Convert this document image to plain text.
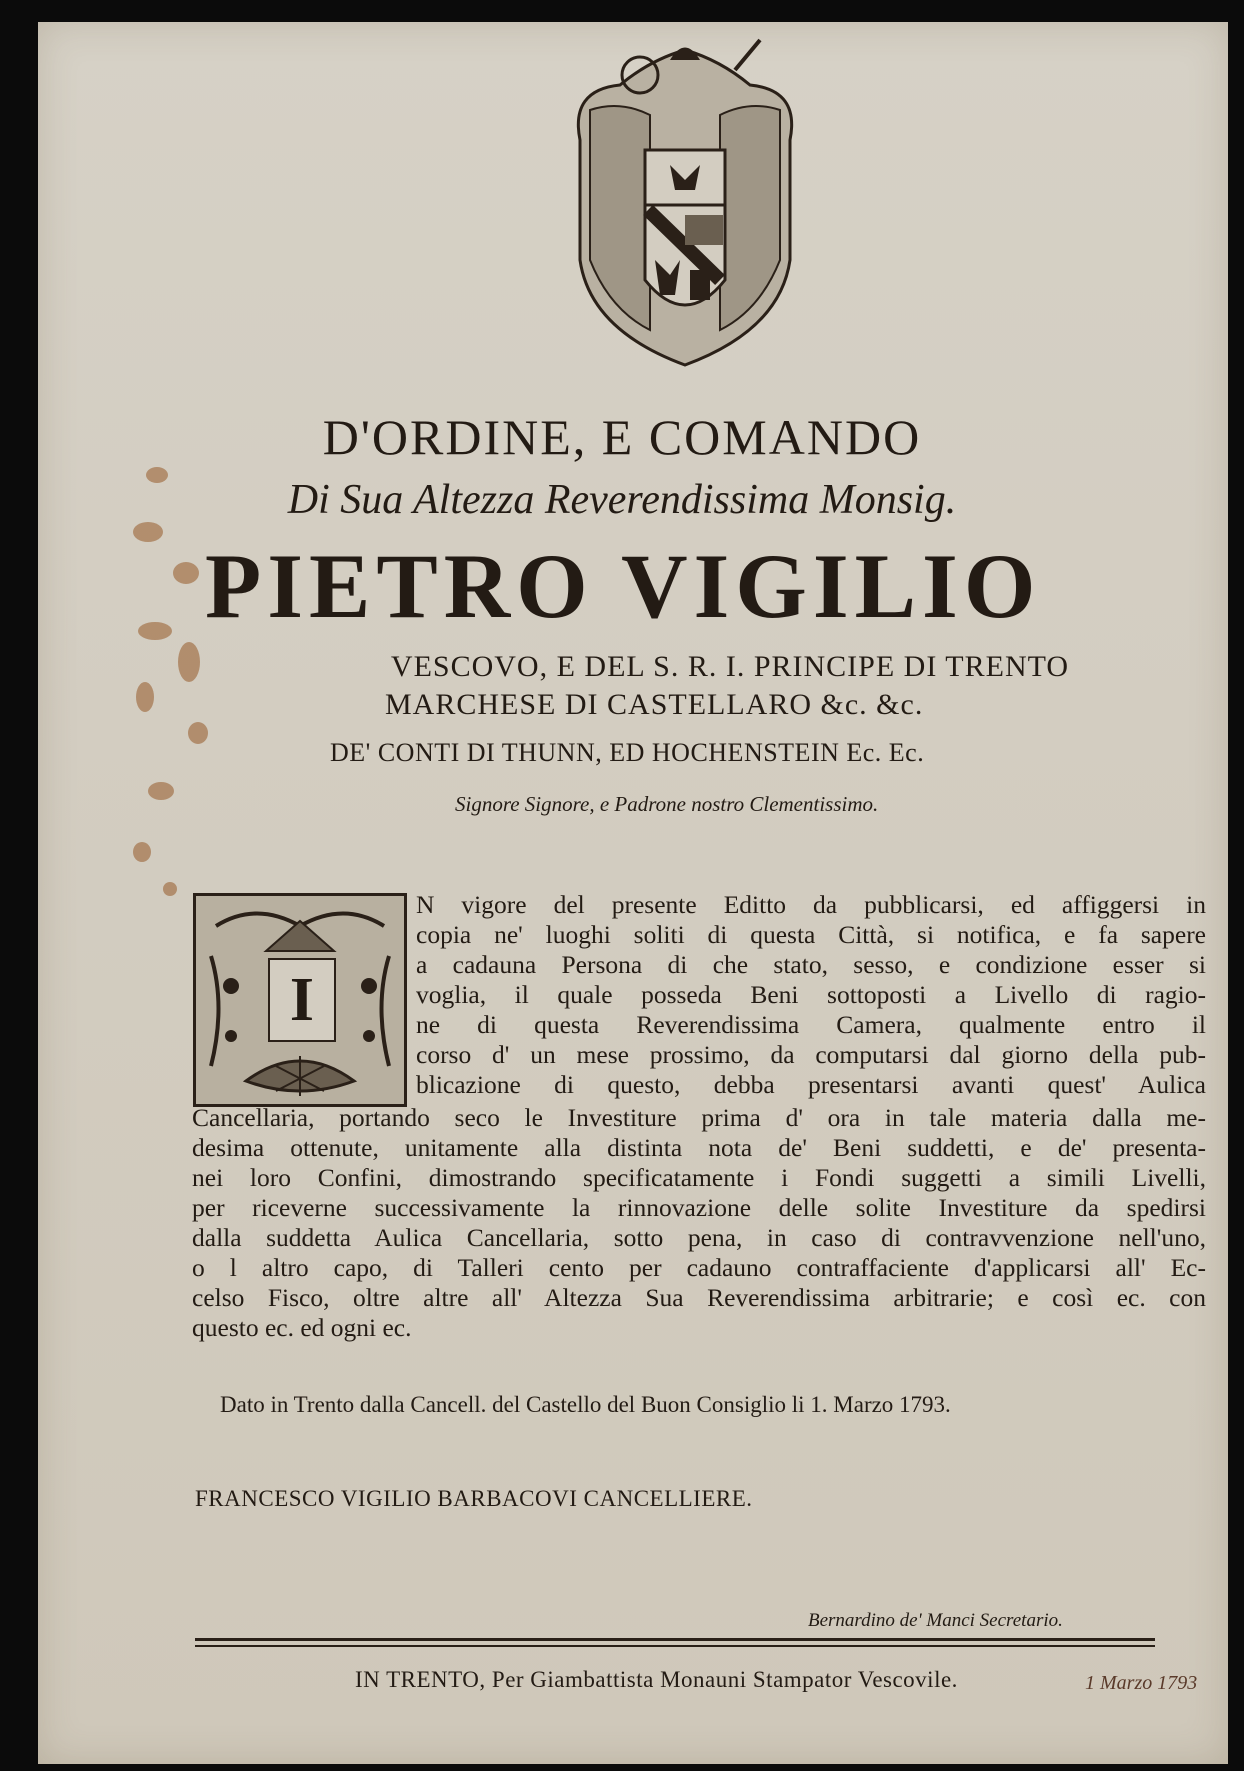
D'ORDINE, E COMANDO
Di Sua Altezza Reverendissima Monsig.
PIETRO VIGILIO
VESCOVO, E DEL S. R. I. PRINCIPE DI TRENTO
MARCHESE DI CASTELLARO &c. &c.
DE' CONTI DI THUNN, ED HOCHENSTEIN Ec. Ec.
Signore Signore, e Padrone nostro Clementissimo.
I
N vigore del presente Editto da pubblicarsi, ed affiggersi in
copia ne' luoghi soliti di questa Città, si notifica, e fa sapere
a cadauna Persona di che stato, sesso, e condizione esser si
voglia, il quale posseda Beni sottoposti a Livello di ragio-
ne di questa Reverendissima Camera, qualmente entro il
corso d' un mese prossimo, da computarsi dal giorno della pub-
blicazione di questo, debba presentarsi avanti quest' Aulica
Cancellaria, portando seco le Investiture prima d' ora in tale materia dalla me-
desima ottenute, unitamente alla distinta nota de' Beni suddetti, e de' presenta-
nei loro Confini, dimostrando specificatamente i Fondi suggetti a simili Livelli,
per riceverne successivamente la rinnovazione delle solite Investiture da spedirsi
dalla suddetta Aulica Cancellaria, sotto pena, in caso di contravvenzione nell'uno,
o l altro capo, di Talleri cento per cadauno contraffaciente d'applicarsi all' Ec-
celso Fisco, oltre altre all' Altezza Sua Reverendissima arbitrarie; e così ec. con
questo ec. ed ogni ec.
Dato in Trento dalla Cancell. del Castello del Buon Consiglio li 1. Marzo 1793.
FRANCESCO VIGILIO BARBACOVI CANCELLIERE.
Bernardino de' Manci Secretario.
IN TRENTO, Per Giambattista Monauni Stampator Vescovile.	1 Marzo 1793
